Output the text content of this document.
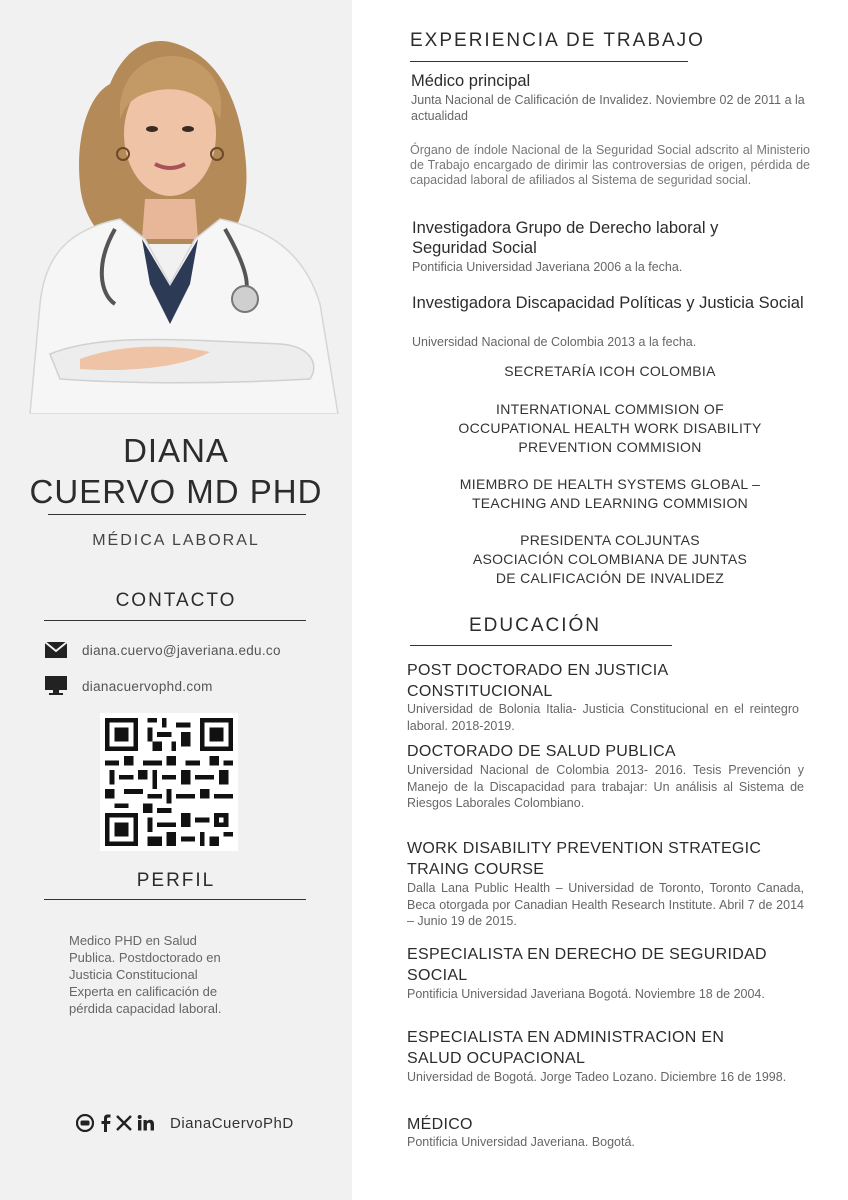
DIANA
CUERVO MD PHD
MÉDICA LABORAL
CONTACTO
diana.cuervo@javeriana.edu.co
dianacuervophd.com
PERFIL

Medico PHD en Salud

Publica. Postdoctorado en

Justicia Constitucional

Experta en calificación de

pérdida capacidad laboral.

DianaCuervoPhD
EXPERIENCIA DE TRABAJO
Médico principal
Junta Nacional de Calificación de Invalidez. Noviembre 02 de 2011 a la actualidad
Órgano de índole Nacional de la Seguridad Social adscrito al Ministerio de Trabajo encargado de dirimir las controversias de origen, pérdida de capacidad laboral de afiliados al Sistema de seguridad social.
Investigadora Grupo de Derecho laboral y Seguridad Social
Pontificia Universidad Javeriana 2006 a la fecha.
Investigadora Discapacidad Políticas y Justicia Social
Universidad Nacional de Colombia 2013 a la fecha.
SECRETARÍA ICOH COLOMBIA
INTERNATIONAL COMMISION OF
OCCUPATIONAL HEALTH WORK DISABILITY
PREVENTION COMMISION
MIEMBRO DE HEALTH SYSTEMS GLOBAL –
TEACHING AND LEARNING COMMISION
PRESIDENTA COLJUNTAS
ASOCIACIÓN COLOMBIANA DE JUNTAS
DE CALIFICACIÓN DE INVALIDEZ
EDUCACIÓN
POST DOCTORADO EN JUSTICIA CONSTITUCIONAL
Universidad de Bolonia Italia- Justicia Constitucional en el reintegro laboral. 2018-2019.
DOCTORADO DE SALUD PUBLICA
Universidad Nacional de Colombia 2013- 2016. Tesis Prevención y Manejo de la Discapacidad para trabajar: Un análisis al Sistema de Riesgos Laborales Colombiano.
WORK DISABILITY PREVENTION STRATEGIC TRAING COURSE
Dalla Lana Public Health – Universidad de Toronto, Toronto Canada, Beca otorgada por Canadian Health Research Institute. Abril 7 de 2014 – Junio 19 de 2015.
ESPECIALISTA EN DERECHO DE SEGURIDAD SOCIAL
Pontificia Universidad Javeriana Bogotá. Noviembre 18 de 2004.
ESPECIALISTA EN ADMINISTRACION EN SALUD OCUPACIONAL
Universidad de Bogotá. Jorge Tadeo Lozano. Diciembre 16 de 1998.
MÉDICO
Pontificia Universidad Javeriana. Bogotá.
